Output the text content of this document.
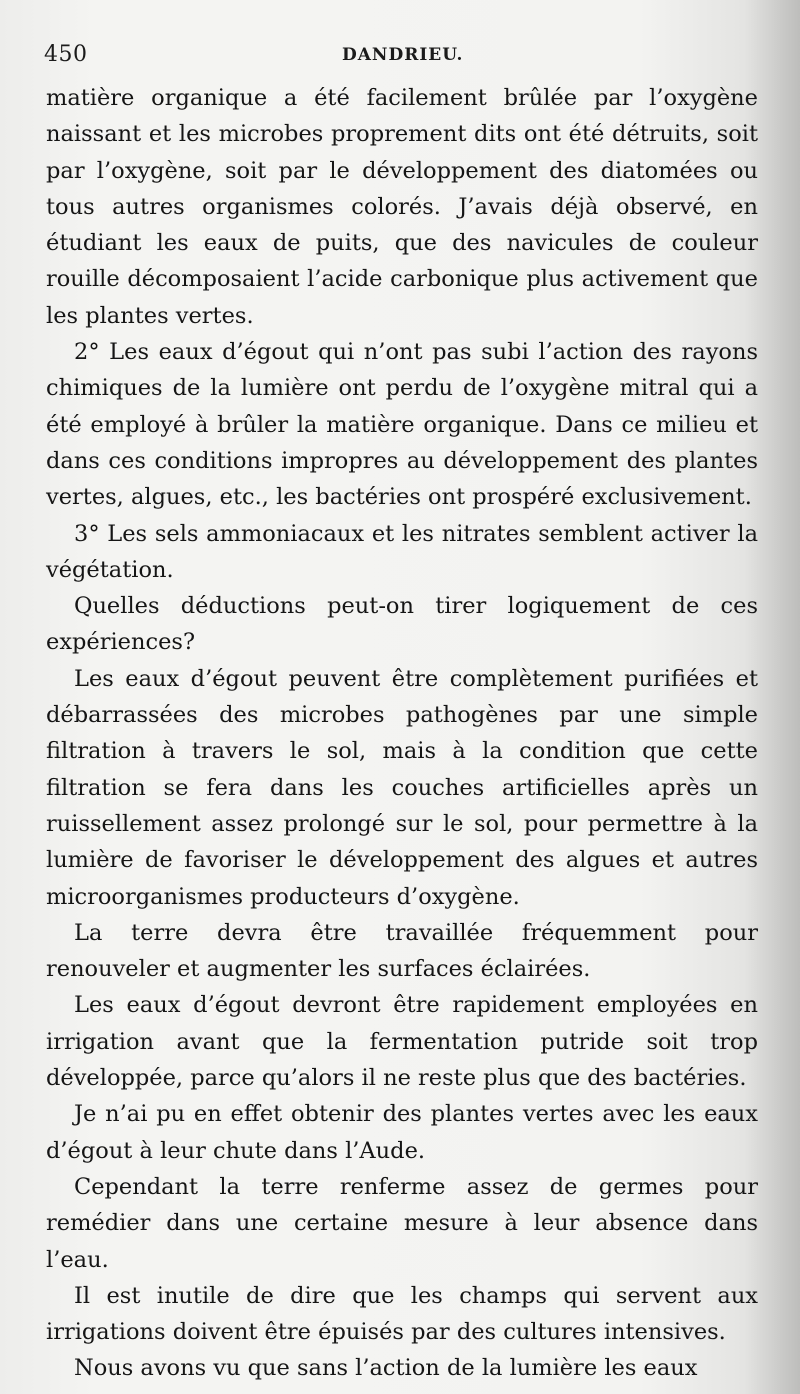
450	DANDRIEU.

matière organique a été facilement brûlée par l’oxygène naissant et les microbes proprement dits ont été détruits, soit par l’oxygène, soit par le développement des diatomées ou tous autres organismes colorés. J’avais déjà observé, en étudiant les eaux de puits, que des navicules de couleur rouille décomposaient l’acide carbonique plus activement que les plantes vertes.

2° Les eaux d’égout qui n’ont pas subi l’action des rayons chimiques de la lumière ont perdu de l’oxygène mitral qui a été employé à brûler la matière organique. Dans ce milieu et dans ces conditions impropres au développement des plantes vertes, algues, etc., les bactéries ont prospéré exclusivement.

3° Les sels ammoniacaux et les nitrates semblent activer la végétation.

Quelles déductions peut-on tirer logiquement de ces expériences?

Les eaux d’égout peuvent être complètement purifiées et débarrassées des microbes pathogènes par une simple filtration à travers le sol, mais à la condition que cette filtration se fera dans les couches artificielles après un ruissellement assez prolongé sur le sol, pour permettre à la lumière de favoriser le développement des algues et autres microorganismes producteurs d’oxygène.

La terre devra être travaillée fréquemment pour renouveler et augmenter les surfaces éclairées.

Les eaux d’égout devront être rapidement employées en irrigation avant que la fermentation putride soit trop développée, parce qu’alors il ne reste plus que des bactéries.

Je n’ai pu en effet obtenir des plantes vertes avec les eaux d’égout à leur chute dans l’Aude.

Cependant la terre renferme assez de germes pour remédier dans une certaine mesure à leur absence dans l’eau.

Il est inutile de dire que les champs qui servent aux irrigations doivent être épuisés par des cultures intensives.

Nous avons vu que sans l’action de la lumière les eaux
